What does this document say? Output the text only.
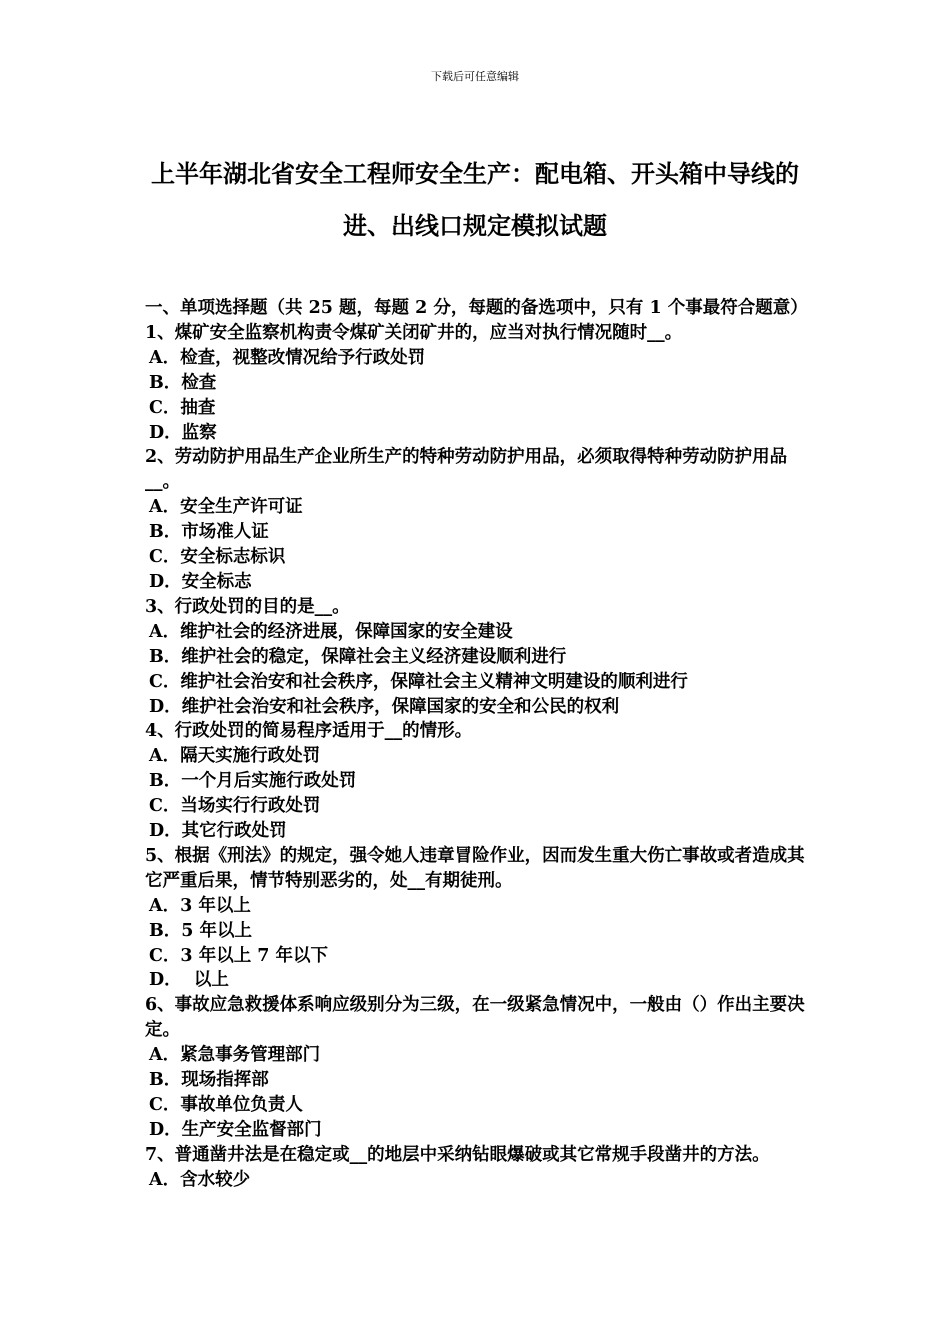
下载后可任意编辑
上半年湖北省安全工程师安全生产：配电箱、开头箱中导线的进、出线口规定模拟试题
一、单项选择题（共 25 题，每题 2 分，每题的备选项中，只有 1 个事最符合题意）
1、煤矿安全监察机构责令煤矿关闭矿井的，应当对执行情况随时__。
A．检查，视整改情况给予行政处罚
B．检查
C．抽查
D．监察
2、劳动防护用品生产企业所生产的特种劳动防护用品，必须取得特种劳动防护用品__。
A．安全生产许可证
B．市场准人证
C．安全标志标识
D．安全标志
3、行政处罚的目的是__。
A．维护社会的经济进展，保障国家的安全建设
B．维护社会的稳定，保障社会主义经济建设顺利进行
C．维护社会治安和社会秩序，保障社会主义精神文明建设的顺利进行
D．维护社会治安和社会秩序，保障国家的安全和公民的权利
4、行政处罚的简易程序适用于__的情形。
A．隔天实施行政处罚
B．一个月后实施行政处罚
C．当场实行行政处罚
D．其它行政处罚
5、根据《刑法》的规定，强令她人违章冒险作业，因而发生重大伤亡事故或者造成其它严重后果，情节特别恶劣的，处__有期徒刑。
A．3 年以上
B．5 年以上
C．3 年以上 7 年以下
D．  以上
6、事故应急救援体系响应级别分为三级，在一级紧急情况中，一般由（）作出主要决定。
A．紧急事务管理部门
B．现场指挥部
C．事故单位负责人
D．生产安全监督部门
7、普通凿井法是在稳定或__的地层中采纳钻眼爆破或其它常规手段凿井的方法。
A．含水较少
